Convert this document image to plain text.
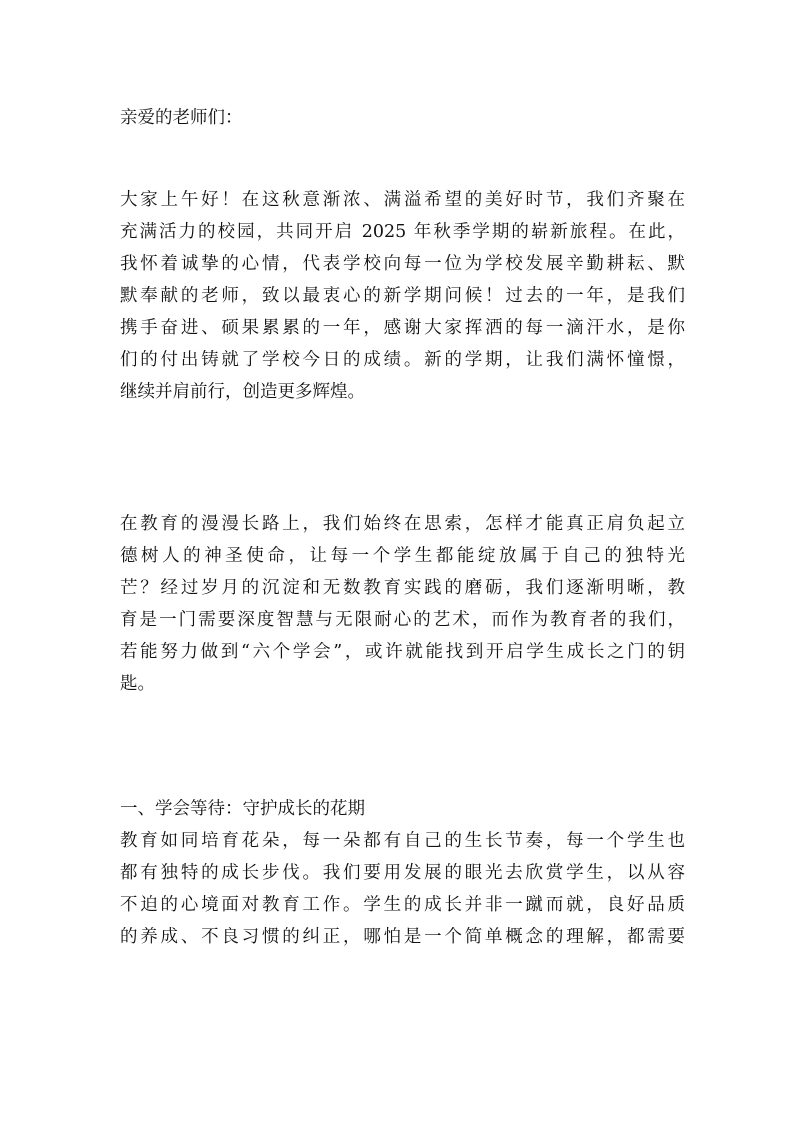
亲爱的老师们：
大家上午好！在这秋意渐浓、满溢希望的美好时节，我们齐聚在
充满活力的校园，共同开启 2025 年秋季学期的崭新旅程。在此，
我怀着诚挚的心情，代表学校向每一位为学校发展辛勤耕耘、默
默奉献的老师，致以最衷心的新学期问候！过去的一年，是我们
携手奋进、硕果累累的一年，感谢大家挥洒的每一滴汗水，是你
们的付出铸就了学校今日的成绩。新的学期，让我们满怀憧憬，
继续并肩前行，创造更多辉煌。
在教育的漫漫长路上，我们始终在思索，怎样才能真正肩负起立
德树人的神圣使命，让每一个学生都能绽放属于自己的独特光
芒？经过岁月的沉淀和无数教育实践的磨砺，我们逐渐明晰，教
育是一门需要深度智慧与无限耐心的艺术，而作为教育者的我们，
若能努力做到“六个学会”，或许就能找到开启学生成长之门的钥
匙。
一、学会等待：守护成长的花期
教育如同培育花朵，每一朵都有自己的生长节奏，每一个学生也
都有独特的成长步伐。我们要用发展的眼光去欣赏学生，以从容
不迫的心境面对教育工作。学生的成长并非一蹴而就，良好品质
的养成、不良习惯的纠正，哪怕是一个简单概念的理解，都需要
